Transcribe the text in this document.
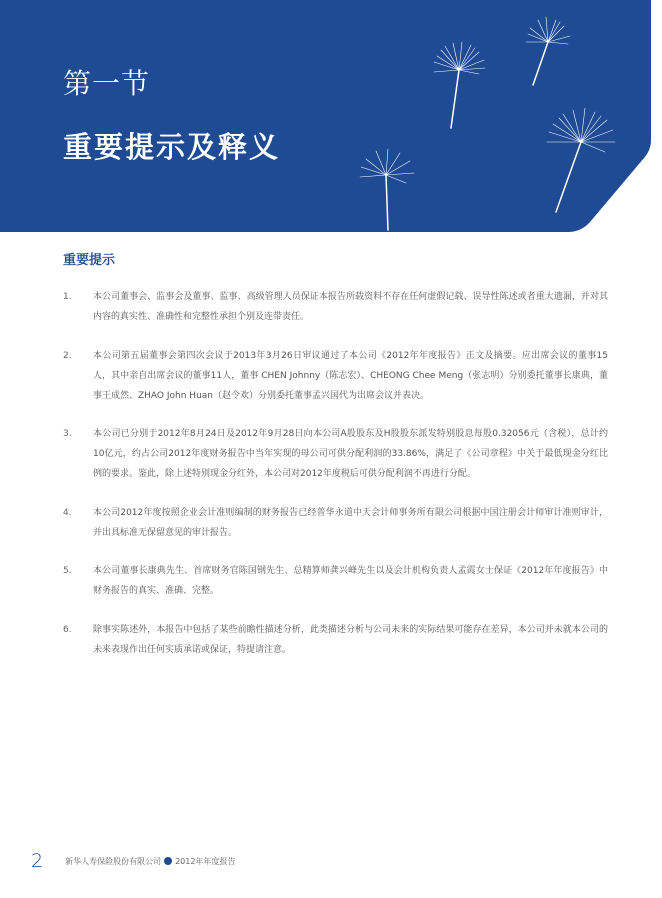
第一节
重要提示及释义
重要提示
1.	本公司董事会、监事会及董事、监事、高级管理人员保证本报告所载资料不存在任何虚假记载、误导性陈述或者重大遗漏，并对其内容的真实性、准确性和完整性承担个别及连带责任。
2.	本公司第五届董事会第四次会议于2013年3月26日审议通过了本公司《2012年年度报告》正文及摘要。应出席会议的董事15人，其中亲自出席会议的董事11人，董事 CHEN Johnny（陈志宏）、CHEONG Chee Meng（张志明）分别委托董事长康典，董事王成然、ZHAO John Huan（赵令欢）分别委托董事孟兴国代为出席会议并表决。
3.	本公司已分别于2012年8月24日及2012年9月28日向本公司A股股东及H股股东派发特别股息每股0.32056元（含税），总计约10亿元，约占公司2012年度财务报告中当年实现的母公司可供分配利润的33.86%，满足了《公司章程》中关于最低现金分红比例的要求。鉴此，除上述特别现金分红外，本公司对2012年度税后可供分配利润不再进行分配。
4.	本公司2012年度按照企业会计准则编制的财务报告已经普华永道中天会计师事务所有限公司根据中国注册会计师审计准则审计，并出具标准无保留意见的审计报告。
5.	本公司董事长康典先生、首席财务官陈国钢先生、总精算师龚兴峰先生以及会计机构负责人孟霞女士保证《2012年年度报告》中财务报告的真实、准确、完整。
6.	除事实陈述外，本报告中包括了某些前瞻性描述分析，此类描述分析与公司未来的实际结果可能存在差异，本公司并未就本公司的未来表现作出任何实质承诺或保证，特提请注意。
2	新华人寿保险股份有限公司 2012年年度报告
